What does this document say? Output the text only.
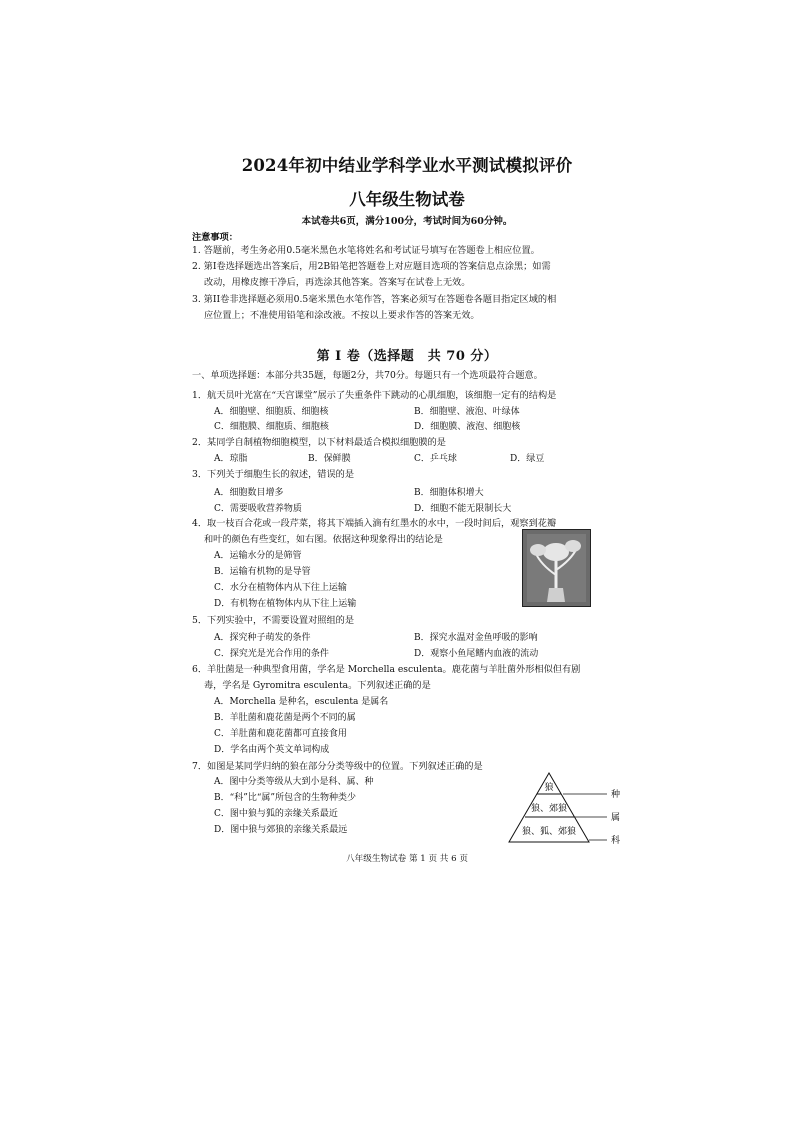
2024年初中结业学科学业水平测试模拟评价
八年级生物试卷
本试卷共6页，满分100分，考试时间为60分钟。
注意事项：
1. 答题前，考生务必用0.5毫米黑色水笔将姓名和考试证号填写在答题卷上相应位置。
2. 第I卷选择题选出答案后，用2B铅笔把答题卷上对应题目选项的答案信息点涂黑；如需
改动，用橡皮擦干净后，再选涂其他答案。答案写在试卷上无效。
3. 第II卷非选择题必须用0.5毫米黑色水笔作答，答案必须写在答题卷各题目指定区域的相
应位置上；不准使用铅笔和涂改液。不按以上要求作答的答案无效。
第 I 卷（选择题　共 70 分）
一、单项选择题：本部分共35题，每题2分，共70分。每题只有一个选项最符合题意。
1．航天员叶光富在“天宫课堂”展示了失重条件下跳动的心肌细胞，该细胞一定有的结构是
A．细胞壁、细胞质、细胞核	B．细胞壁、液泡、叶绿体
C．细胞膜、细胞质、细胞核	D．细胞膜、液泡、细胞核
2．某同学自制植物细胞模型，以下材料最适合模拟细胞膜的是
A．琼脂	B．保鲜膜	C．乒乓球	D．绿豆
3．下列关于细胞生长的叙述，错误的是
A．细胞数目增多	B．细胞体积增大
C．需要吸收营养物质	D．细胞不能无限制长大
4．取一枝百合花或一段芹菜，将其下端插入滴有红墨水的水中，一段时间后，观察到花瓣
和叶的颜色有些变红，如右图。依据这种现象得出的结论是
A．运输水分的是筛管
B．运输有机物的是导管
C．水分在植物体内从下往上运输
D．有机物在植物体内从下往上运输
5．下列实验中，不需要设置对照组的是
A．探究种子萌发的条件	B．探究水温对金鱼呼吸的影响
C．探究光是光合作用的条件	D．观察小鱼尾鳍内血液的流动
6．羊肚菌是一种典型食用菌，学名是 Morchella esculenta。鹿花菌与羊肚菌外形相似但有剧
毒，学名是 Gyromitra esculenta。下列叙述正确的是
A．Morchella 是种名，esculenta 是属名
B．羊肚菌和鹿花菌是两个不同的属
C．羊肚菌和鹿花菌都可直接食用
D．学名由两个英文单词构成
7．如图是某同学归纳的狼在部分分类等级中的位置。下列叙述正确的是
A．图中分类等级从大到小是科、属、种
B．“科”比“属”所包含的生物种类少
C．图中狼与狐的亲缘关系最近
D．图中狼与郊狼的亲缘关系最远
狼
狼、郊狼
狼、狐、郊狼
种
属
科
八年级生物试卷 第 1 页 共 6 页
